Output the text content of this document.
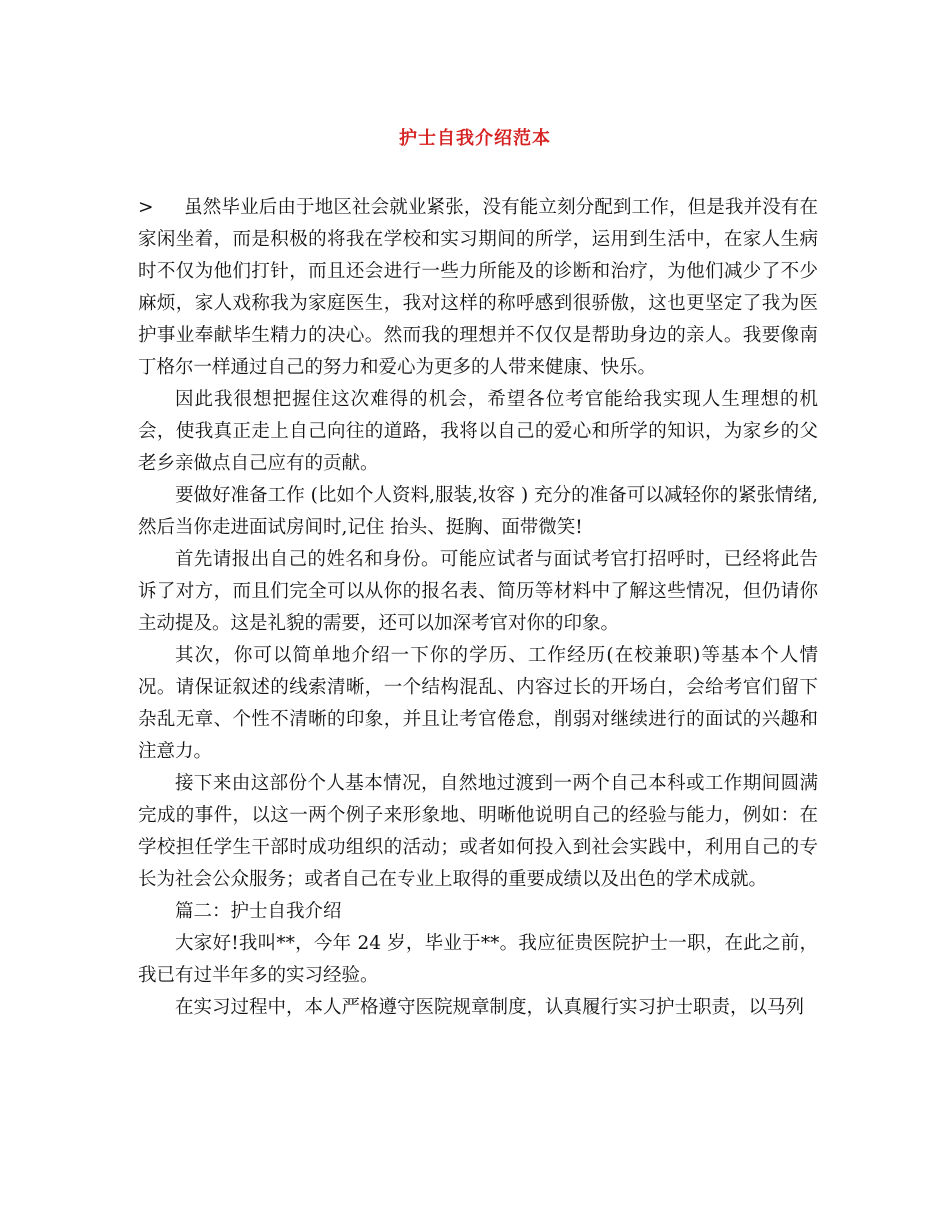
护士自我介绍范本

> 虽然毕业后由于地区社会就业紧张，没有能立刻分配到工作，但是我并没有在家闲坐着，而是积极的将我在学校和实习期间的所学，运用到生活中，在家人生病时不仅为他们打针，而且还会进行一些力所能及的诊断和治疗，为他们减少了不少麻烦，家人戏称我为家庭医生，我对这样的称呼感到很骄傲，这也更坚定了我为医护事业奉献毕生精力的决心。然而我的理想并不仅仅是帮助身边的亲人。我要像南丁格尔一样通过自己的努力和爱心为更多的人带来健康、快乐。

因此我很想把握住这次难得的机会，希望各位考官能给我实现人生理想的机会，使我真正走上自己向往的道路，我将以自己的爱心和所学的知识，为家乡的父老乡亲做点自己应有的贡献。

要做好准备工作 (比如个人资料,服装,妆容 ) 充分的准备可以减轻你的紧张情绪,然后当你走进面试房间时,记住 抬头、挺胸、面带微笑!

首先请报出自己的姓名和身份。可能应试者与面试考官打招呼时，已经将此告诉了对方，而且们完全可以从你的报名表、简历等材料中了解这些情况，但仍请你主动提及。这是礼貌的需要，还可以加深考官对你的印象。

其次，你可以简单地介绍一下你的学历、工作经历(在校兼职)等基本个人情况。请保证叙述的线索清晰，一个结构混乱、内容过长的开场白，会给考官们留下杂乱无章、个性不清晰的印象，并且让考官倦怠，削弱对继续进行的面试的兴趣和注意力。

接下来由这部份个人基本情况，自然地过渡到一两个自己本科或工作期间圆满完成的事件，以这一两个例子来形象地、明晰他说明自己的经验与能力，例如：在学校担任学生干部时成功组织的活动；或者如何投入到社会实践中，利用自己的专长为社会公众服务；或者自己在专业上取得的重要成绩以及出色的学术成就。

篇二：护士自我介绍

大家好!我叫**，今年 24 岁，毕业于**。我应征贵医院护士一职，在此之前，我已有过半年多的实习经验。

在实习过程中，本人严格遵守医院规章制度，认真履行实习护士职责，以马列
